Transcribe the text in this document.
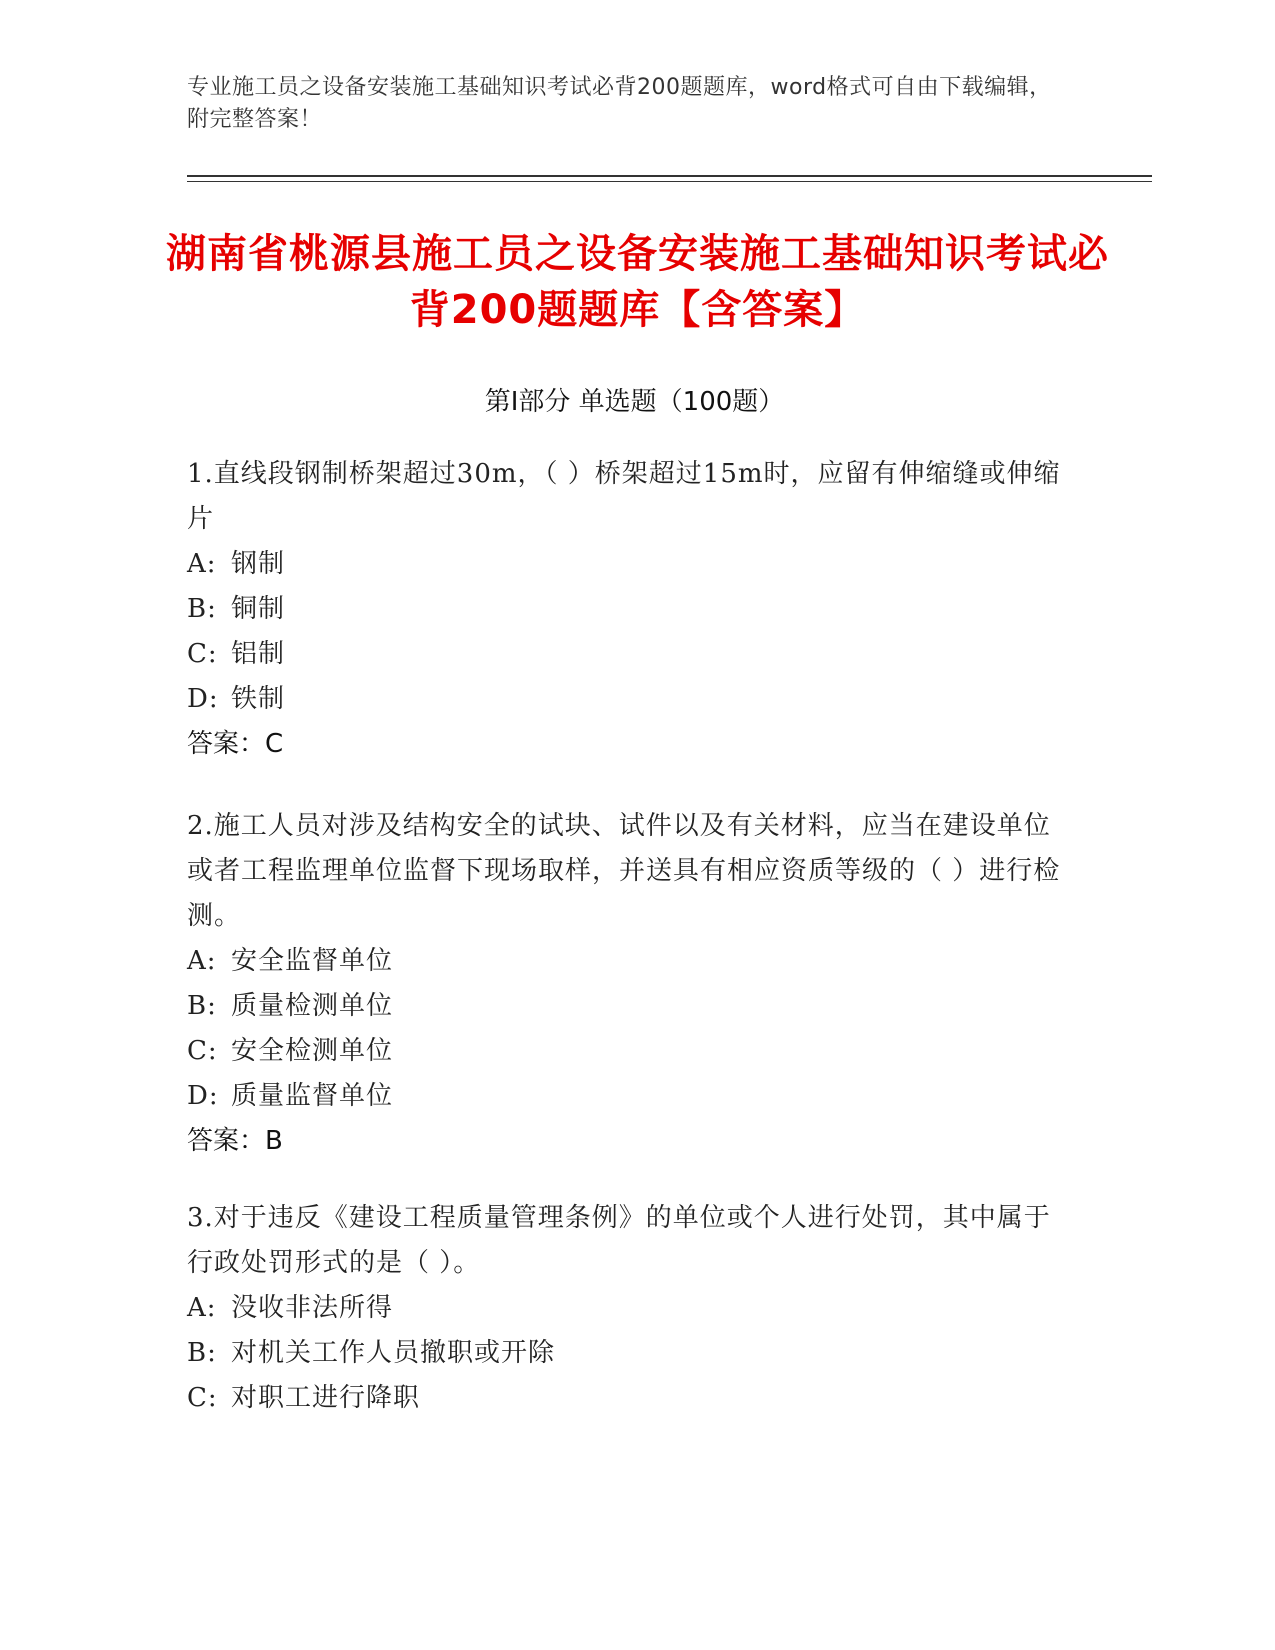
专业施工员之设备安装施工基础知识考试必背200题题库，word格式可自由下载编辑，附完整答案！
湖南省桃源县施工员之设备安装施工基础知识考试必背200题题库【含答案】
第Ⅰ部分 单选题（100题）
1.直线段钢制桥架超过30m，（ ）桥架超过15m时，应留有伸缩缝或伸缩片
A: 钢制
B: 铜制
C: 铝制
D: 铁制
答案：C
2.施工人员对涉及结构安全的试块、试件以及有关材料，应当在建设单位或者工程监理单位监督下现场取样，并送具有相应资质等级的（ ）进行检测。
A: 安全监督单位
B: 质量检测单位
C: 安全检测单位
D: 质量监督单位
答案：B
3.对于违反《建设工程质量管理条例》的单位或个人进行处罚，其中属于行政处罚形式的是（ ）。
A: 没收非法所得
B: 对机关工作人员撤职或开除
C: 对职工进行降职
